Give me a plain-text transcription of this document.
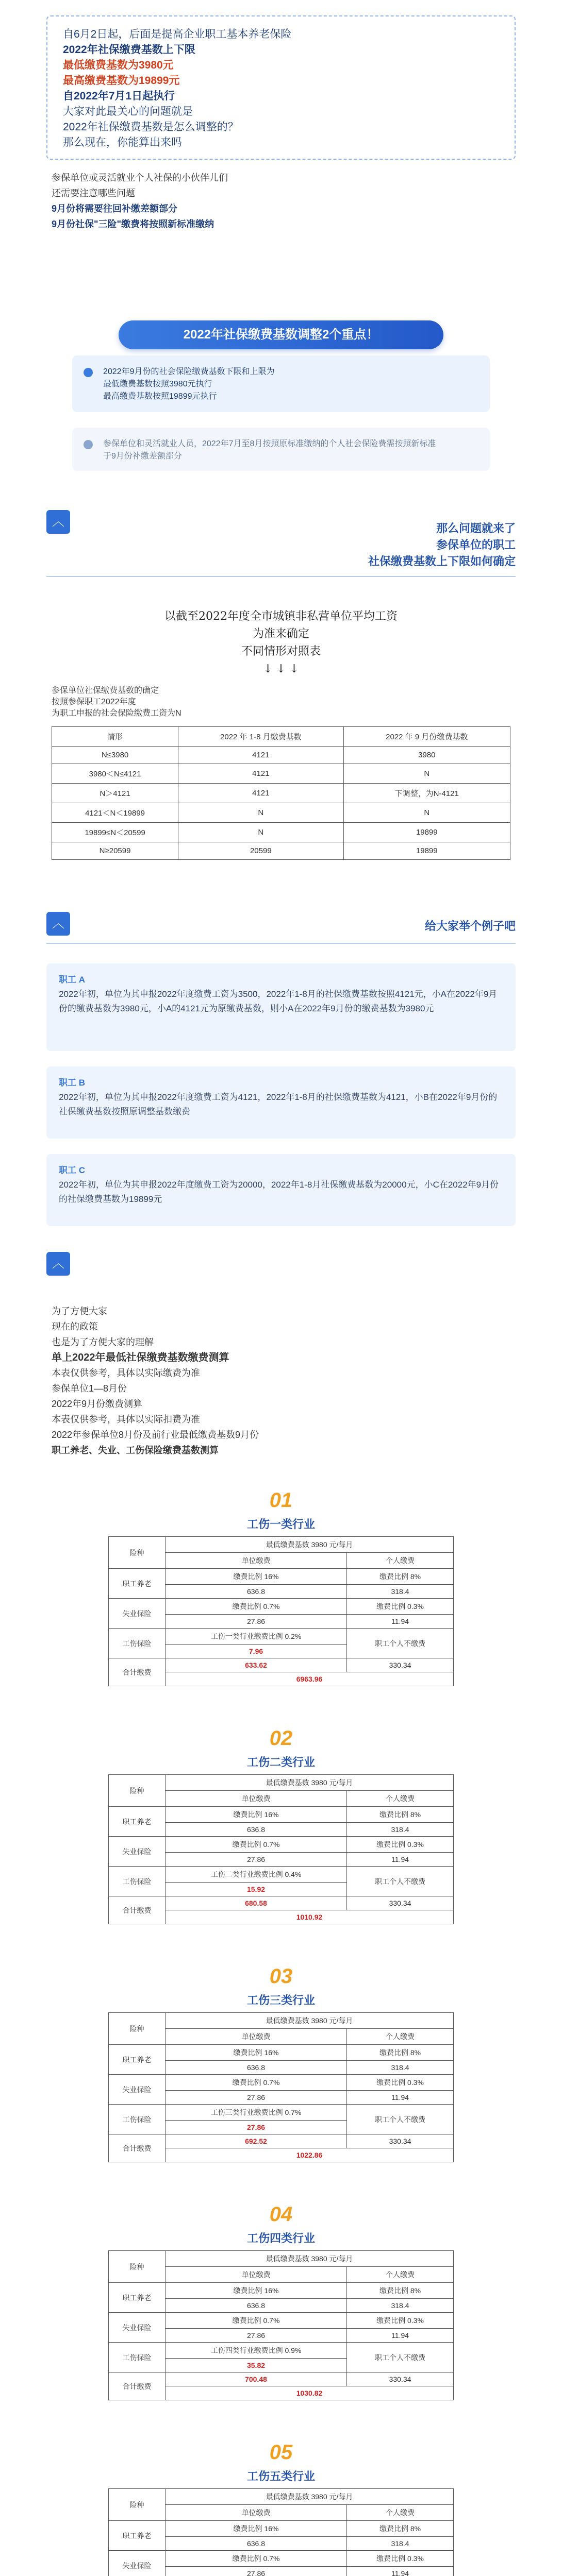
自6月2日起，后面是提高企业职工基本养老保险

2022年社保缴费基数上下限

最低缴费基数为3980元

最高缴费基数为19899元

自2022年7月1日起执行

大家对此最关心的问题就是

2022年社保缴费基数是怎么调整的？

那么现在，你能算出来吗

参保单位或灵活就业个人社保的小伙伴儿们

还需要注意哪些问题

9月份将需要往回补缴差额部分

9月份社保"三险"缴费将按照新标准缴纳

2022年社保缴费基数调整2个重点！
2022年9月份的社会保险缴费基数下限和上限为
最低缴费基数按照3980元执行
最高缴费基数按照19899元执行
参保单位和灵活就业人员，2022年7月至8月按照原标准缴纳的个人社会保险费需按照新标准
于9月份补缴差额部分
︿	那么问题就来了
参保单位的职工
社保缴费基数上下限如何确定
以截至2022年度全市城镇非私营单位平均工资
为准来确定
不同情形对照表
↓ ↓ ↓
参保单位社保缴费基数的确定
按照参保职工2022年度
为职工申报的社会保险缴费工资为N
情形	2022 年 1-8 月缴费基数	2022 年 9 月份缴费基数
N≤3980	4121	3980
3980＜N≤4121	4121	N
N＞4121	4121	下调整，为N-4121
4121＜N＜19899	N	N
19899≤N＜20599	N	19899
N≥20599	20599	19899
︿	给大家举个例子吧
职工 A
2022年初，单位为其申报2022年度缴费工资为3500，2022年1-8月的社保缴费基数按照4121元，小A在2022年9月份的缴费基数为3980元，小A的4121元为原缴费基数，则小A在2022年9月份的缴费基数为3980元
职工 B
2022年初，单位为其申报2022年度缴费工资为4121，2022年1-8月的社保缴费基数为4121，小B在2022年9月份的社保缴费基数按照原调整基数缴费
职工 C
2022年初，单位为其申报2022年度缴费工资为20000，2022年1-8月社保缴费基数为20000元，小C在2022年9月份的社保缴费基数为19899元
︿
为了方便大家
现在的政策
也是为了方便大家的理解
单上2022年最低社保缴费基数缴费测算
本表仅供参考，具体以实际缴费为准
参保单位1—8月份
2022年9月份缴费测算
本表仅供参考，具体以实际扣费为准
2022年参保单位8月份及前行业最低缴费基数9月份
职工养老、失业、工伤保险缴费基数测算
01
工伤一类行业
险种	最低缴费基数 3980 元/每月	
	单位缴费	个人缴费
职工养老	缴费比例 16%	缴费比例 8%
	636.8	318.4
失业保险	缴费比例 0.7%	缴费比例 0.3%
	27.86	11.94
工伤保险	工伤一类行业缴费比例 0.2%	职工个人不缴费
	7.96	
合计缴费	633.62	330.34
	6963.96	
02
工伤二类行业
险种	最低缴费基数 3980 元/每月	
	单位缴费	个人缴费
职工养老	缴费比例 16%	缴费比例 8%
	636.8	318.4
失业保险	缴费比例 0.7%	缴费比例 0.3%
	27.86	11.94
工伤保险	工伤二类行业缴费比例 0.4%	职工个人不缴费
	15.92	
合计缴费	680.58	330.34
	1010.92	
03
工伤三类行业
险种	最低缴费基数 3980 元/每月	
	单位缴费	个人缴费
职工养老	缴费比例 16%	缴费比例 8%
	636.8	318.4
失业保险	缴费比例 0.7%	缴费比例 0.3%
	27.86	11.94
工伤保险	工伤三类行业缴费比例 0.7%	职工个人不缴费
	27.86	
合计缴费	692.52	330.34
	1022.86	
04
工伤四类行业
险种	最低缴费基数 3980 元/每月	
	单位缴费	个人缴费
职工养老	缴费比例 16%	缴费比例 8%
	636.8	318.4
失业保险	缴费比例 0.7%	缴费比例 0.3%
	27.86	11.94
工伤保险	工伤四类行业缴费比例 0.9%	职工个人不缴费
	35.82	
合计缴费	700.48	330.34
	1030.82	
05
工伤五类行业
险种	最低缴费基数 3980 元/每月	
	单位缴费	个人缴费
职工养老	缴费比例 16%	缴费比例 8%
	636.8	318.4
失业保险	缴费比例 0.7%	缴费比例 0.3%
	27.86	11.94
